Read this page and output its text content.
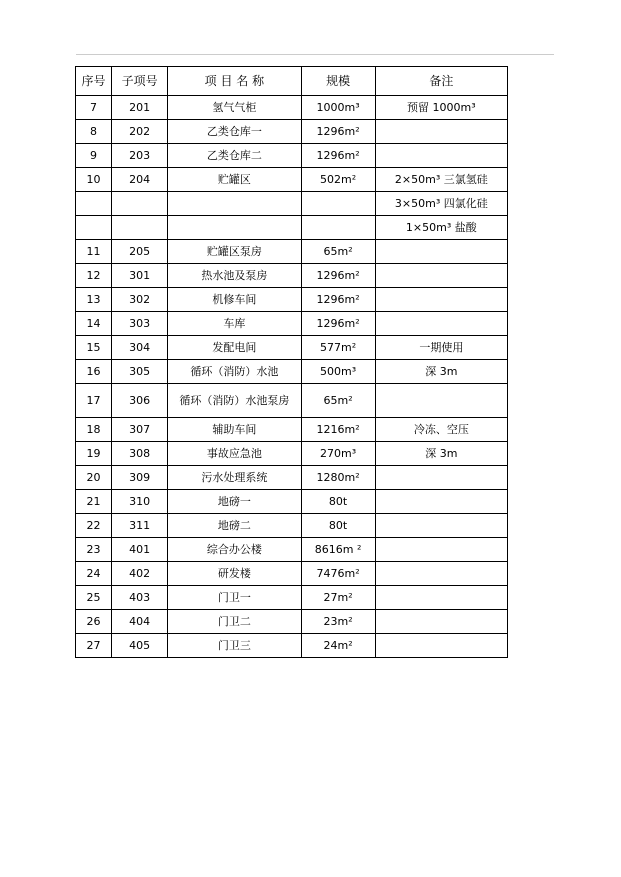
序号	子项号	项 目 名 称	规模	备注
7	201	氢气气柜	1000m³	预留 1000m³
8	202	乙类仓库一	1296m²	
9	203	乙类仓库二	1296m²	
10	204	贮罐区	502m²	2×50m³ 三氯氢硅
				3×50m³ 四氯化硅
				1×50m³ 盐酸
11	205	贮罐区泵房	65m²	
12	301	热水池及泵房	1296m²	
13	302	机修车间	1296m²	
14	303	车库	1296m²	
15	304	发配电间	577m²	一期使用
16	305	循环（消防）水池	500m³	深 3m
17	306	循环（消防）水池泵房	65m²	
18	307	辅助车间	1216m²	冷冻、空压
19	308	事故应急池	270m³	深 3m
20	309	污水处理系统	1280m²	
21	310	地磅一	80t	
22	311	地磅二	80t	
23	401	综合办公楼	8616m ²	
24	402	研发楼	7476m²	
25	403	门卫一	27m²	
26	404	门卫二	23m²	
27	405	门卫三	24m²	
